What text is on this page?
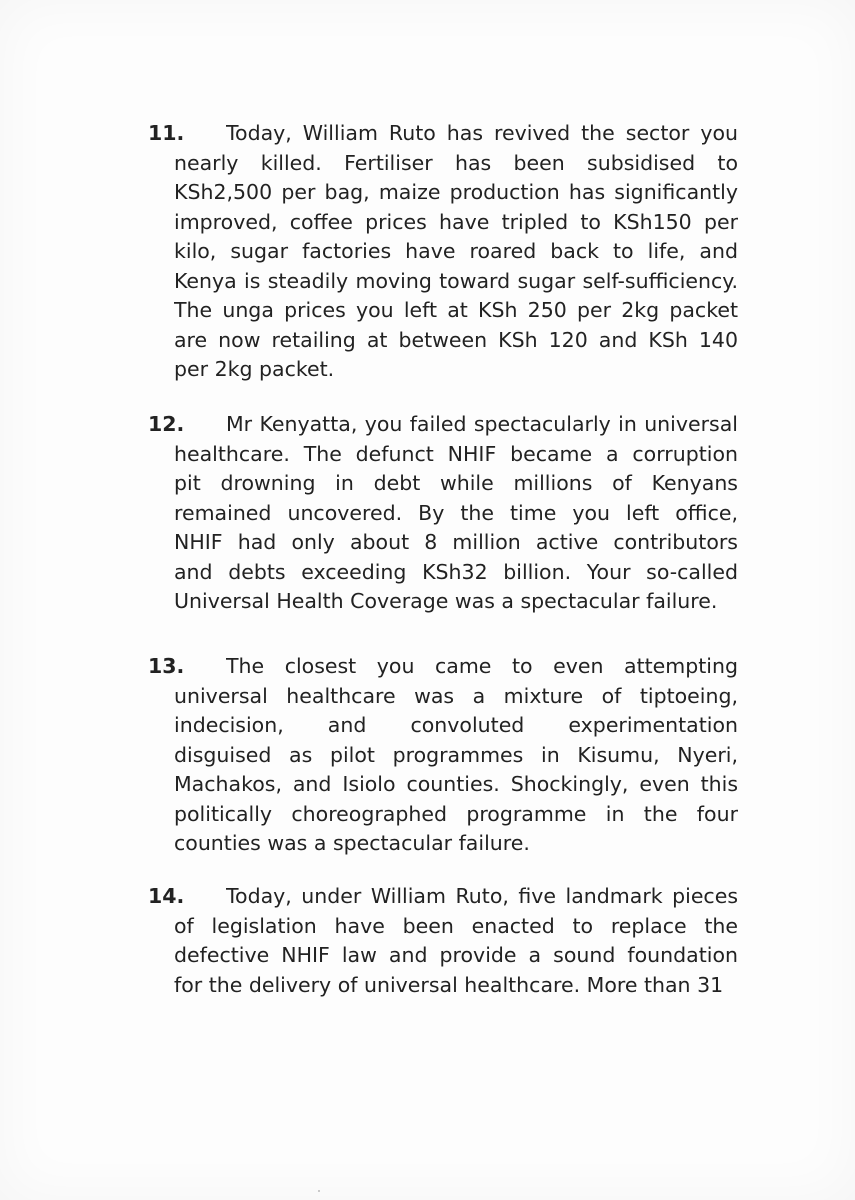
11. Today, William Ruto has revived the sector you
nearly killed. Fertiliser has been subsidised to
KSh2,500 per bag, maize production has significantly
improved, coffee prices have tripled to KSh150 per
kilo, sugar factories have roared back to life, and
Kenya is steadily moving toward sugar self-sufficiency.
The unga prices you left at KSh 250 per 2kg packet
are now retailing at between KSh 120 and KSh 140
per 2kg packet.
12. Mr Kenyatta, you failed spectacularly in universal
healthcare. The defunct NHIF became a corruption
pit drowning in debt while millions of Kenyans
remained uncovered. By the time you left office,
NHIF had only about 8 million active contributors
and debts exceeding KSh32 billion. Your so-called
Universal Health Coverage was a spectacular failure.
13. The closest you came to even attempting
universal healthcare was a mixture of tiptoeing,
indecision, and convoluted experimentation
disguised as pilot programmes in Kisumu, Nyeri,
Machakos, and Isiolo counties. Shockingly, even this
politically choreographed programme in the four
counties was a spectacular failure.
14. Today, under William Ruto, five landmark pieces
of legislation have been enacted to replace the
defective NHIF law and provide a sound foundation
for the delivery of universal healthcare. More than 31
